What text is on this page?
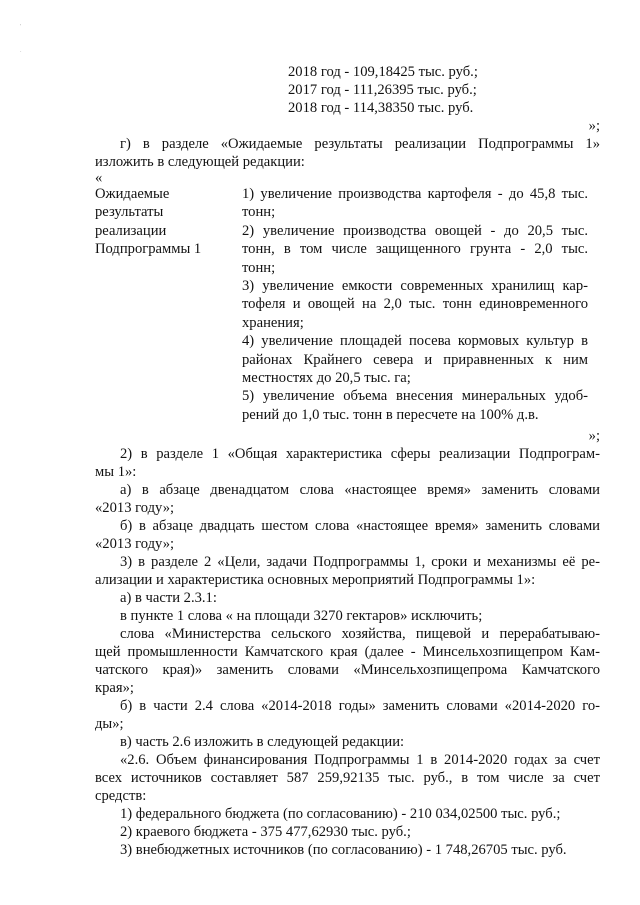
'
.
2018 год - 109,18425 тыс. руб.;
2017 год - 111,26395 тыс. руб.;
2018 год - 114,38350 тыс. руб.
»;
г) в разделе «Ожидаемые результаты реализации Подпрограммы 1»
изложить в следующей редакции:
«
Ожидаемые
результаты
реализации
Подпрограммы 1
1) увеличение производства картофеля - до 45,8 тыс.
тонн;
2) увеличение производства овощей - до 20,5 тыс.
тонн, в том числе защищенного грунта - 2,0 тыс.
тонн;
3) увеличение емкости современных хранилищ кар-
тофеля и овощей на 2,0 тыс. тонн единовременного
хранения;
4) увеличение площадей посева кормовых культур в
районах Крайнего севера и приравненных к ним
местностях до 20,5 тыс. га;
5) увеличение объема внесения минеральных удоб-
рений до 1,0 тыс. тонн в пересчете на 100% д.в.
»;
2) в разделе 1 «Общая характеристика сферы реализации Подпрограм-
мы 1»:
а) в абзаце двенадцатом слова «настоящее время» заменить словами
«2013 году»;
б) в абзаце двадцать шестом слова «настоящее время» заменить словами
«2013 году»;
3) в разделе 2 «Цели, задачи Подпрограммы 1, сроки и механизмы её ре-
ализации и характеристика основных мероприятий Подпрограммы 1»:
а) в части 2.3.1:
в пункте 1 слова « на площади 3270 гектаров» исключить;
слова «Министерства сельского хозяйства, пищевой и перерабатываю-
щей промышленности Камчатского края (далее - Минсельхозпищепром Кам-
чатского края)» заменить словами «Минсельхозпищепрома Камчатского
края»;
б) в части 2.4 слова «2014-2018 годы» заменить словами «2014-2020 го-
ды»;
в) часть 2.6 изложить в следующей редакции:
«2.6. Объем финансирования Подпрограммы 1 в 2014-2020 годах за счет
всех источников составляет 587 259,92135 тыс. руб., в том числе за счет
средств:
1) федерального бюджета (по согласованию) - 210 034,02500 тыс. руб.;
2) краевого бюджета - 375 477,62930 тыс. руб.;
3) внебюджетных источников (по согласованию) - 1 748,26705 тыс. руб.
